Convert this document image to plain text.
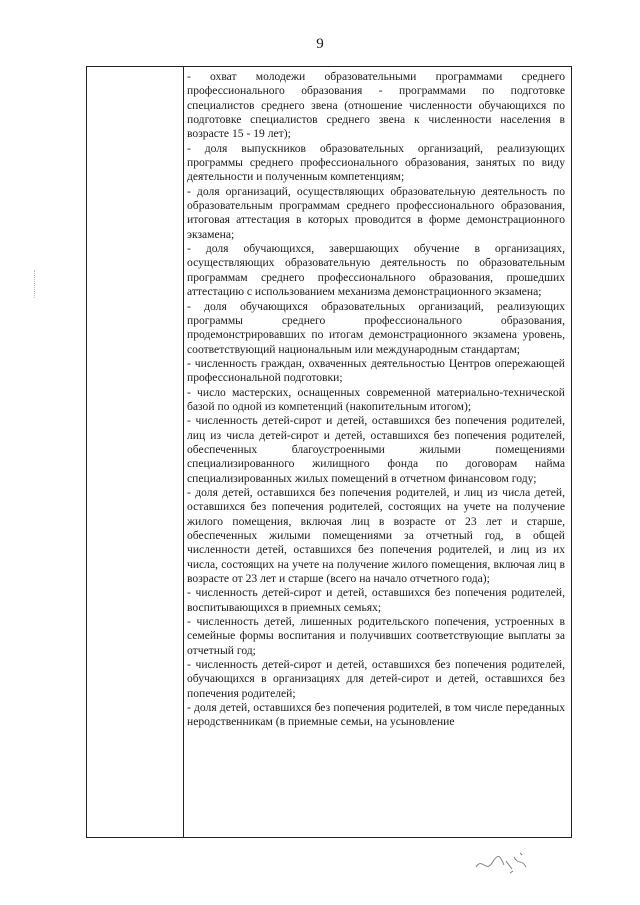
9

- охват молодежи образовательными программами среднего профессионального образования - программами по подготовке специалистов среднего звена (отношение численности обучающихся по подготовке специалистов среднего звена к численности населения в возрасте 15 - 19 лет);

- доля выпускников образовательных организаций, реализующих программы среднего профессионального образования, занятых по виду деятельности и полученным компетенциям;

- доля организаций, осуществляющих образовательную деятельность по образовательным программам среднего профессионального образования, итоговая аттестация в которых проводится в форме демонстрационного экзамена;

- доля обучающихся, завершающих обучение в организациях, осуществляющих образовательную деятельность по образовательным программам среднего профессионального образования, прошедших аттестацию с использованием механизма демонстрационного экзамена;

- доля обучающихся образовательных организаций, реализующих программы среднего профессионального образования, продемонстрировавших по итогам демонстрационного экзамена уровень, соответствующий национальным или международным стандартам;

- численность граждан, охваченных деятельностью Центров опережающей профессиональной подготовки;

- число мастерских, оснащенных современной материально-технической базой по одной из компетенций (накопительным итогом);

- численность детей-сирот и детей, оставшихся без попечения родителей, лиц из числа детей-сирот и детей, оставшихся без попечения родителей, обеспеченных благоустроенными жилыми помещениями специализированного жилищного фонда по договорам найма специализированных жилых помещений в отчетном финансовом году;

- доля детей, оставшихся без попечения родителей, и лиц из числа детей, оставшихся без попечения родителей, состоящих на учете на получение жилого помещения, включая лиц в возрасте от 23 лет и старше, обеспеченных жилыми помещениями за отчетный год, в общей численности детей, оставшихся без попечения родителей, и лиц из их числа, состоящих на учете на получение жилого помещения, включая лиц в возрасте от 23 лет и старше (всего на начало отчетного года);

- численность детей-сирот и детей, оставшихся без попечения родителей, воспитывающихся в приемных семьях;

- численность детей, лишенных родительского попечения, устроенных в семейные формы воспитания и получивших соответствующие выплаты за отчетный год;

- численность детей-сирот и детей, оставшихся без попечения родителей, обучающихся в организациях для детей-сирот и детей, оставшихся без попечения родителей;

- доля детей, оставшихся без попечения родителей, в том числе переданных неродственникам (в приемные семьи, на усыновление
